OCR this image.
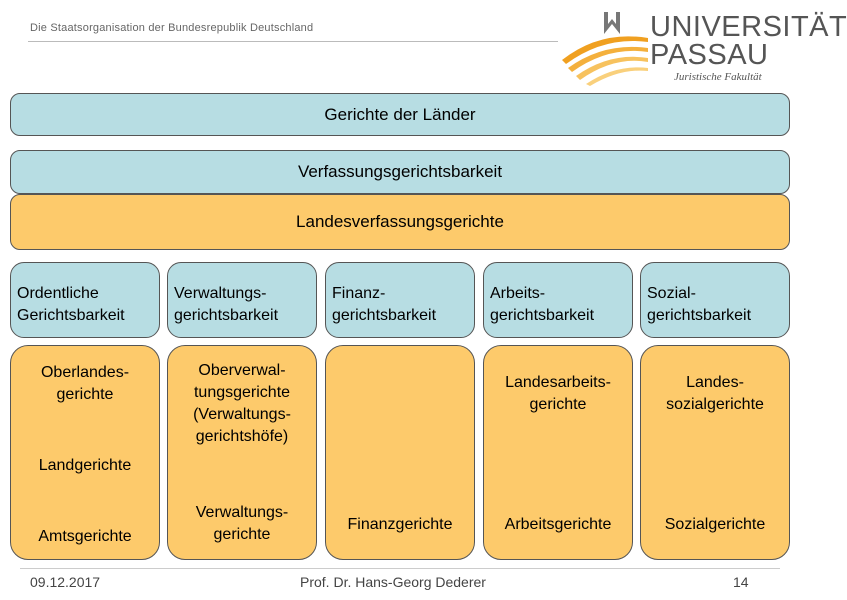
Die Staatsorganisation der Bundesrepublik Deutschland	UNIVERSITÄT
PASSAU
Juristische Fakultät
Gerichte der Länder
Verfassungsgerichtsbarkeit
Landesverfassungsgerichte
Ordentliche
Gerichtsbarkeit
Oberlandes-
gerichte
Landgerichte
Amtsgerichte
Verwaltungs-
gerichtsbarkeit
Oberverwal-
tungsgerichte
(Verwaltungs-
gerichtshöfe)
Verwaltungs-
gerichte
Finanz-
gerichtsbarkeit
Finanzgerichte
Arbeits-
gerichtsbarkeit
Landesarbeits-
gerichte
Arbeitsgerichte
Sozial-
gerichtsbarkeit
Landes-
sozialgerichte
Sozialgerichte
09.12.2017	Prof. Dr. Hans-Georg Dederer	14
